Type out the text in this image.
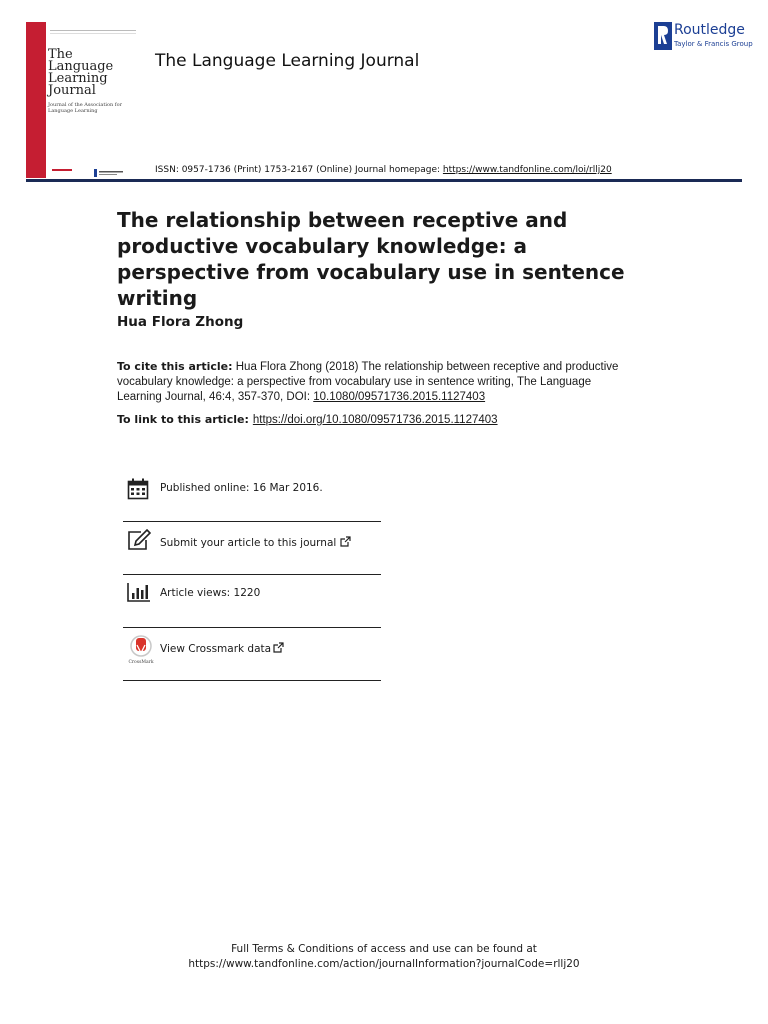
The
Language
Learning
Journal
Journal of the Association for Language Learning
The Language Learning Journal
Routledge
Taylor & Francis Group
ISSN: 0957-1736 (Print) 1753-2167 (Online) Journal homepage: https://www.tandfonline.com/loi/rllj20
The relationship between receptive and productive vocabulary knowledge: a perspective from vocabulary use in sentence writing
Hua Flora Zhong
To cite this article: Hua Flora Zhong (2018) The relationship between receptive and productive vocabulary knowledge: a perspective from vocabulary use in sentence writing, The Language Learning Journal, 46:4, 357-370, DOI: 10.1080/09571736.2015.1127403
To link to this article: https://doi.org/10.1080/09571736.2015.1127403
Published online: 16 Mar 2016.
Submit your article to this journal
Article views: 1220
CrossMark
View Crossmark data
Full Terms & Conditions of access and use can be found at
https://www.tandfonline.com/action/journalInformation?journalCode=rllj20
